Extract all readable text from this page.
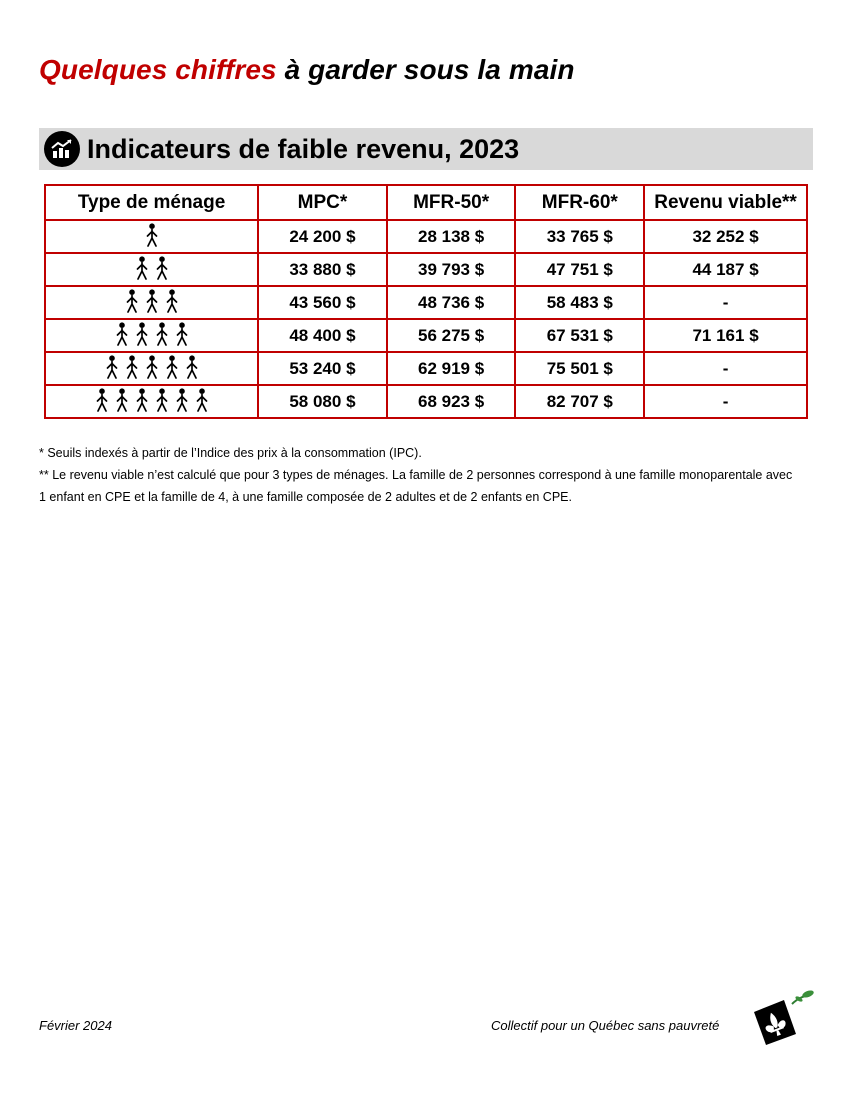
Quelques chiffres à garder sous la main
Indicateurs de faible revenu, 2023
Type de ménage	MPC*	MFR-50*	MFR-60*	Revenu viable**

	24 200 $	28 138 $	33 765 $	32 252 $

	33 880 $	39 793 $	47 751 $	44 187 $

	43 560 $	48 736 $	58 483 $	-

	48 400 $	56 275 $	67 531 $	71 161 $

	53 240 $	62 919 $	75 501 $	-

	58 080 $	68 923 $	82 707 $	-

* Seuils indexés à partir de l’Indice des prix à la consommation (IPC).

** Le revenu viable n’est calculé que pour 3 types de ménages. La famille de 2 personnes correspond à une famille monoparentale avec 1 enfant en CPE et la famille de 4, à une famille composée de 2 adultes et de 2 enfants en CPE.

Février 2024	Collectif pour un Québec sans pauvreté
